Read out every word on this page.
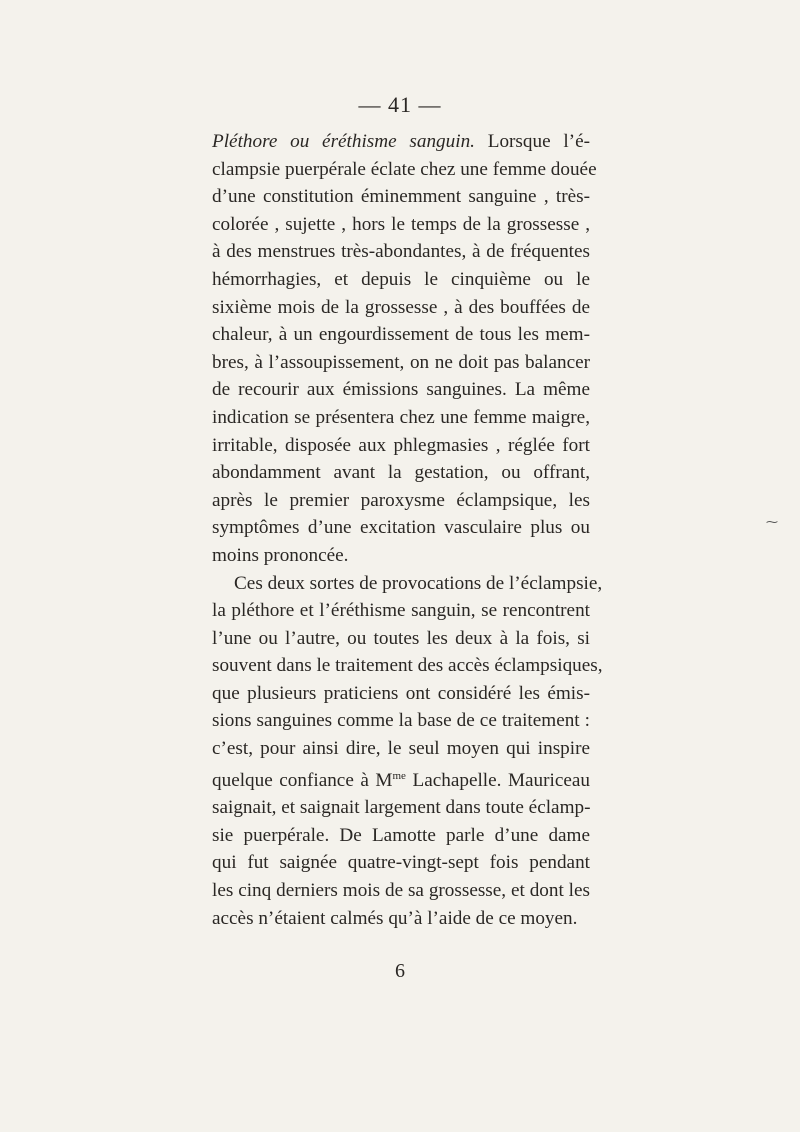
— 41 —
Pléthore ou éréthisme sanguin. Lorsque l’é-
clampsie puerpérale éclate chez une femme douée
d’une constitution éminemment sanguine , très-
colorée , sujette , hors le temps de la grossesse ,
à des menstrues très-abondantes, à de fréquentes
hémorrhagies, et depuis le cinquième ou le
sixième mois de la grossesse , à des bouffées de
chaleur, à un engourdissement de tous les mem-
bres, à l’assoupissement, on ne doit pas balancer
de recourir aux émissions sanguines. La même
indication se présentera chez une femme maigre,
irritable, disposée aux phlegmasies , réglée fort
abondamment avant la gestation, ou offrant,
après le premier paroxysme éclampsique, les
symptômes d’une excitation vasculaire plus ou
moins prononcée.
Ces deux sortes de provocations de l’éclampsie,
la pléthore et l’éréthisme sanguin, se rencontrent
l’une ou l’autre, ou toutes les deux à la fois, si
souvent dans le traitement des accès éclampsiques,
que plusieurs praticiens ont considéré les émis-
sions sanguines comme la base de ce traitement :
c’est, pour ainsi dire, le seul moyen qui inspire
quelque confiance à $M^{me}$ Lachapelle. Mauriceau
saignait, et saignait largement dans toute éclamp-
sie puerpérale. De Lamotte parle d’une dame
qui fut saignée quatre-vingt-sept fois pendant
les cinq derniers mois de sa grossesse, et dont les
accès n’étaient calmés qu’à l’aide de ce moyen.
6
⁓
